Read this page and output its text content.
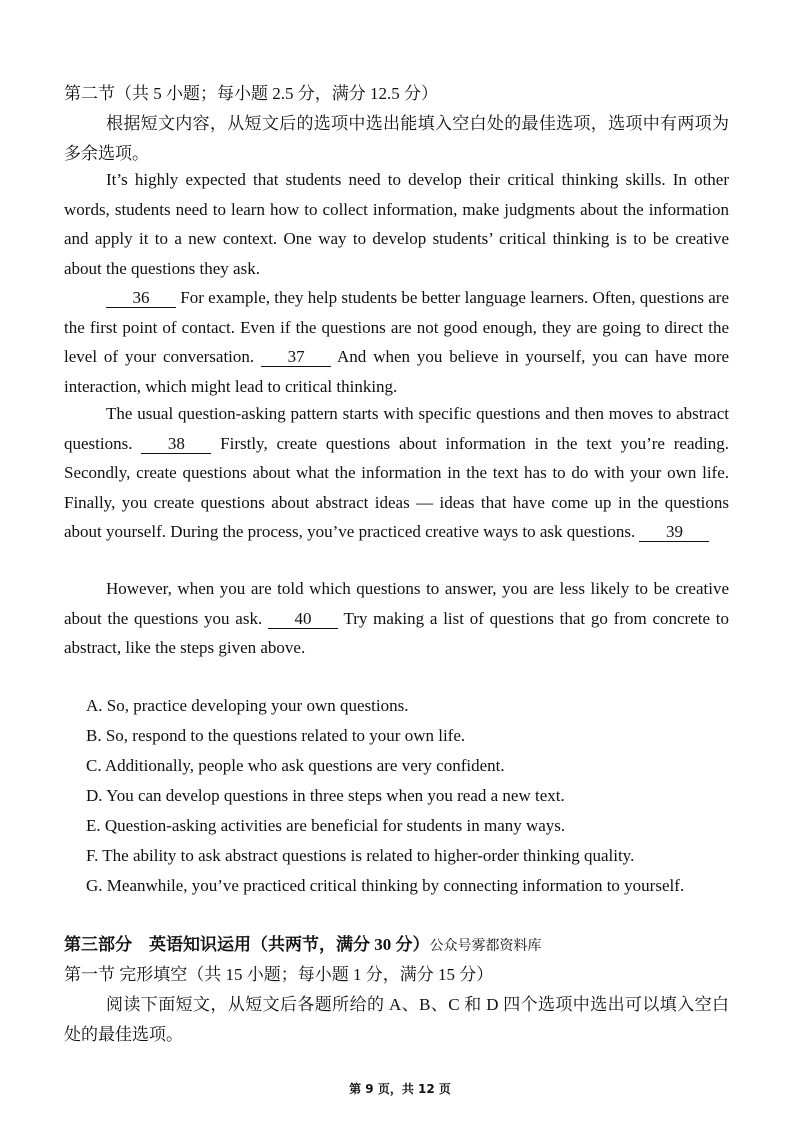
第二节（共 5 小题；每小题 2.5 分，满分 12.5 分）
根据短文内容，从短文后的选项中选出能填入空白处的最佳选项，选项中有两项为多余选项。
It’s highly expected that students need to develop their critical thinking skills. In other words, students need to learn how to collect information, make judgments about the information and apply it to a new context. One way to develop students’ critical thinking is to be creative about the questions they ask.
36 For example, they help students be better language learners. Often, questions are the first point of contact. Even if the questions are not good enough, they are going to direct the level of your conversation. 37 And when you believe in yourself, you can have more interaction, which might lead to critical thinking.
The usual question-asking pattern starts with specific questions and then moves to abstract questions. 38 Firstly, create questions about information in the text you’re reading. Secondly, create questions about what the information in the text has to do with your own life. Finally, you create questions about abstract ideas — ideas that have come up in the questions about yourself. During the process, you’ve practiced creative ways to ask questions. 39
However, when you are told which questions to answer, you are less likely to be creative about the questions you ask. 40 Try making a list of questions that go from concrete to abstract, like the steps given above.
A. So, practice developing your own questions.
B. So, respond to the questions related to your own life.
C. Additionally, people who ask questions are very confident.
D. You can develop questions in three steps when you read a new text.
E. Question-asking activities are beneficial for students in many ways.
F. The ability to ask abstract questions is related to higher-order thinking quality.
G. Meanwhile, you’ve practiced critical thinking by connecting information to yourself.
第三部分　英语知识运用（共两节，满分 30 分）公众号雾都资料库
第一节 完形填空（共 15 小题；每小题 1 分，满分 15 分）
阅读下面短文，从短文后各题所给的 A、B、C 和 D 四个选项中选出可以填入空白处的最佳选项。
第 9 页，共 12 页
